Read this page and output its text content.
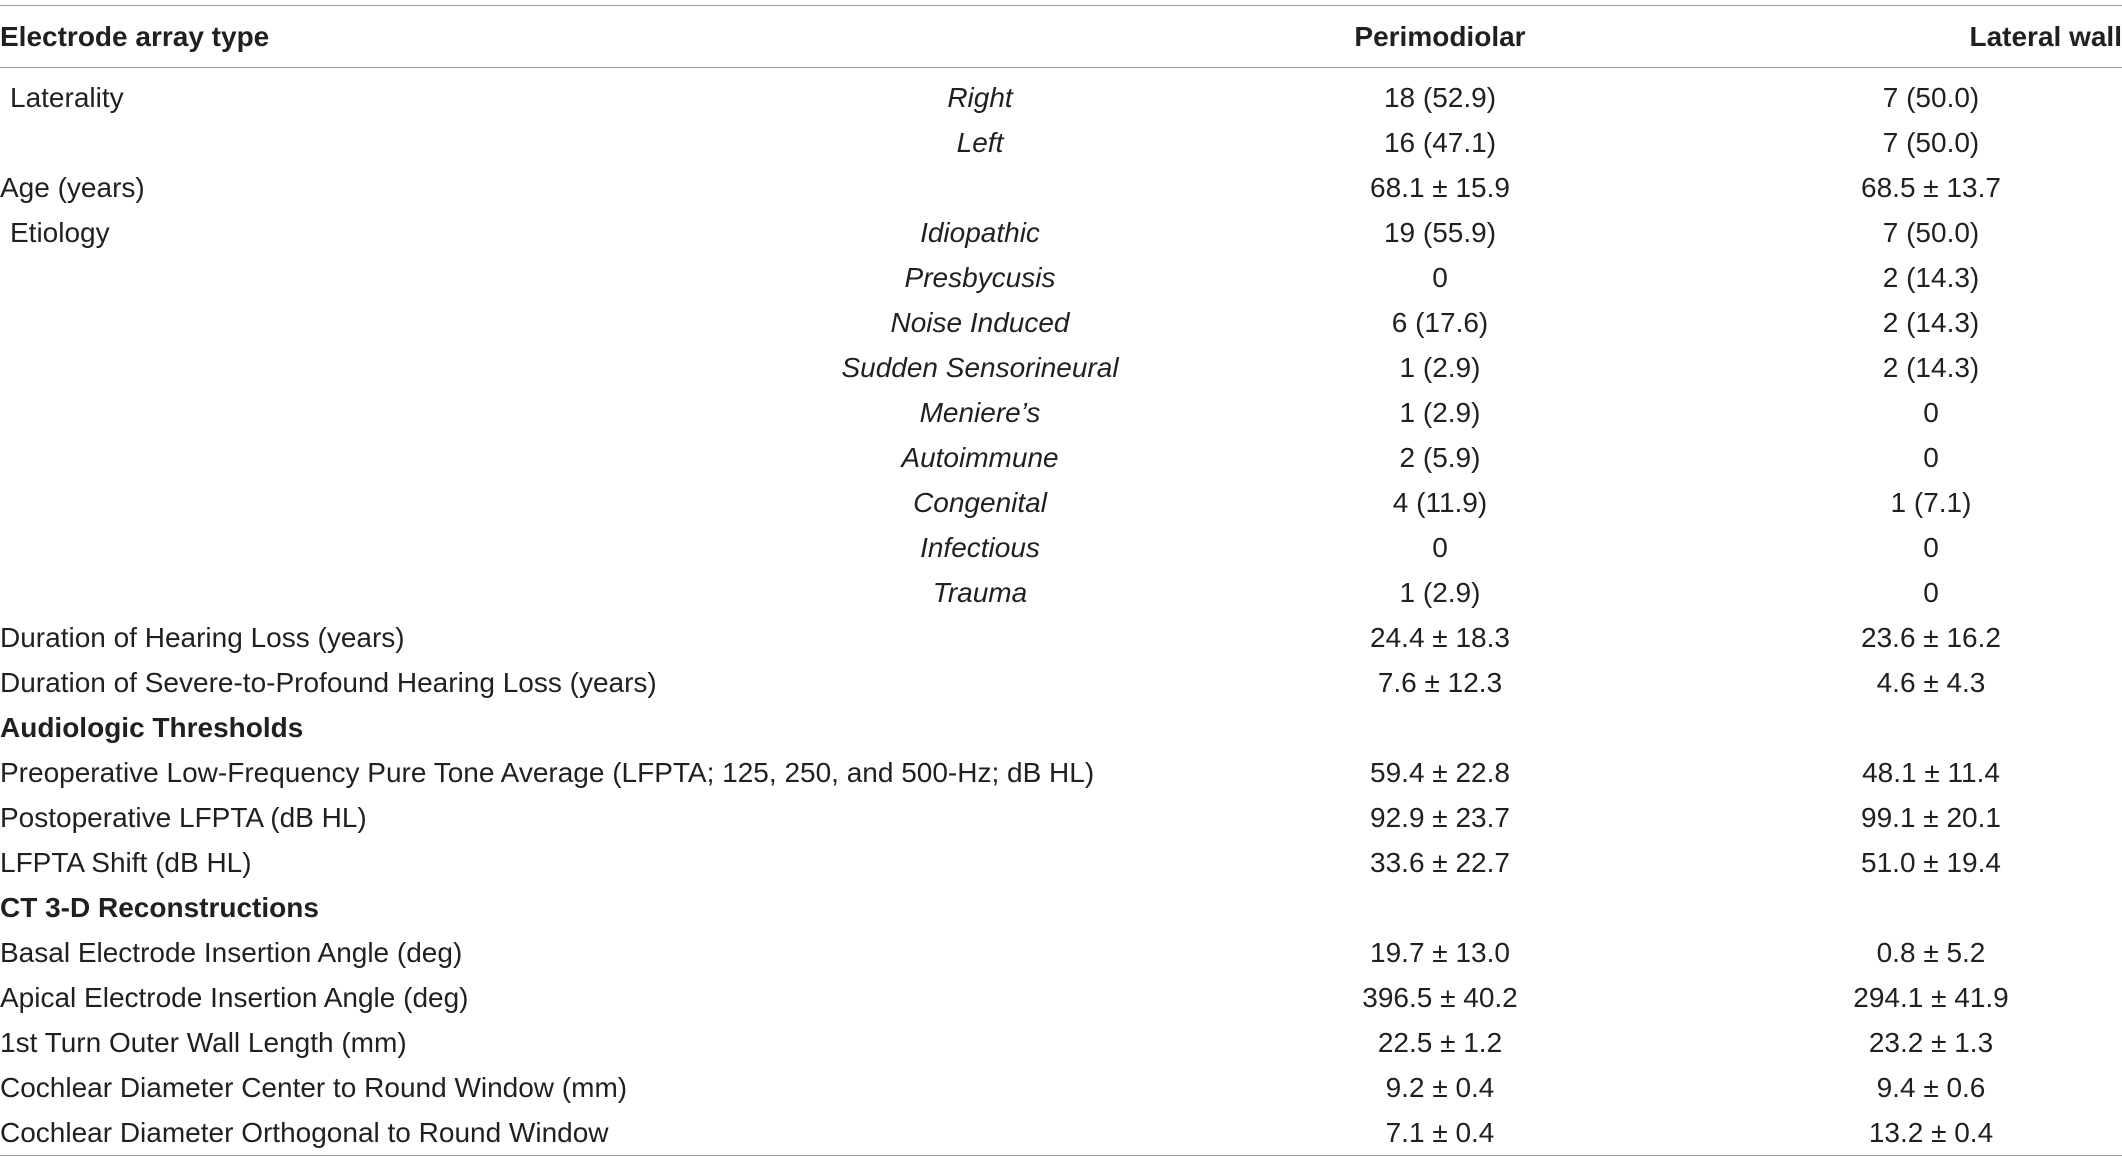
Electrode array type		Perimodiolar	Lateral wall
Laterality	Right	18 (52.9)	7 (50.0)
	Left	16 (47.1)	7 (50.0)
Age (years)		68.1 ± 15.9	68.5 ± 13.7
Etiology	Idiopathic	19 (55.9)	7 (50.0)
	Presbycusis	0	2 (14.3)
	Noise Induced	6 (17.6)	2 (14.3)
	Sudden Sensorineural	1 (2.9)	2 (14.3)
	Meniere’s	1 (2.9)	0
	Autoimmune	2 (5.9)	0
	Congenital	4 (11.9)	1 (7.1)
	Infectious	0	0
	Trauma	1 (2.9)	0
Duration of Hearing Loss (years)		24.4 ± 18.3	23.6 ± 16.2
Duration of Severe-to-Profound Hearing Loss (years)		7.6 ± 12.3	4.6 ± 4.3
Audiologic Thresholds			
Preoperative Low-Frequency Pure Tone Average (LFPTA; 125, 250, and 500-Hz; dB HL)		59.4 ± 22.8	48.1 ± 11.4
Postoperative LFPTA (dB HL)		92.9 ± 23.7	99.1 ± 20.1
LFPTA Shift (dB HL)		33.6 ± 22.7	51.0 ± 19.4
CT 3-D Reconstructions			
Basal Electrode Insertion Angle (deg)		19.7 ± 13.0	0.8 ± 5.2
Apical Electrode Insertion Angle (deg)		396.5 ± 40.2	294.1 ± 41.9
1st Turn Outer Wall Length (mm)		22.5 ± 1.2	23.2 ± 1.3
Cochlear Diameter Center to Round Window (mm)		9.2 ± 0.4	9.4 ± 0.6
Cochlear Diameter Orthogonal to Round Window		7.1 ± 0.4	13.2 ± 0.4
